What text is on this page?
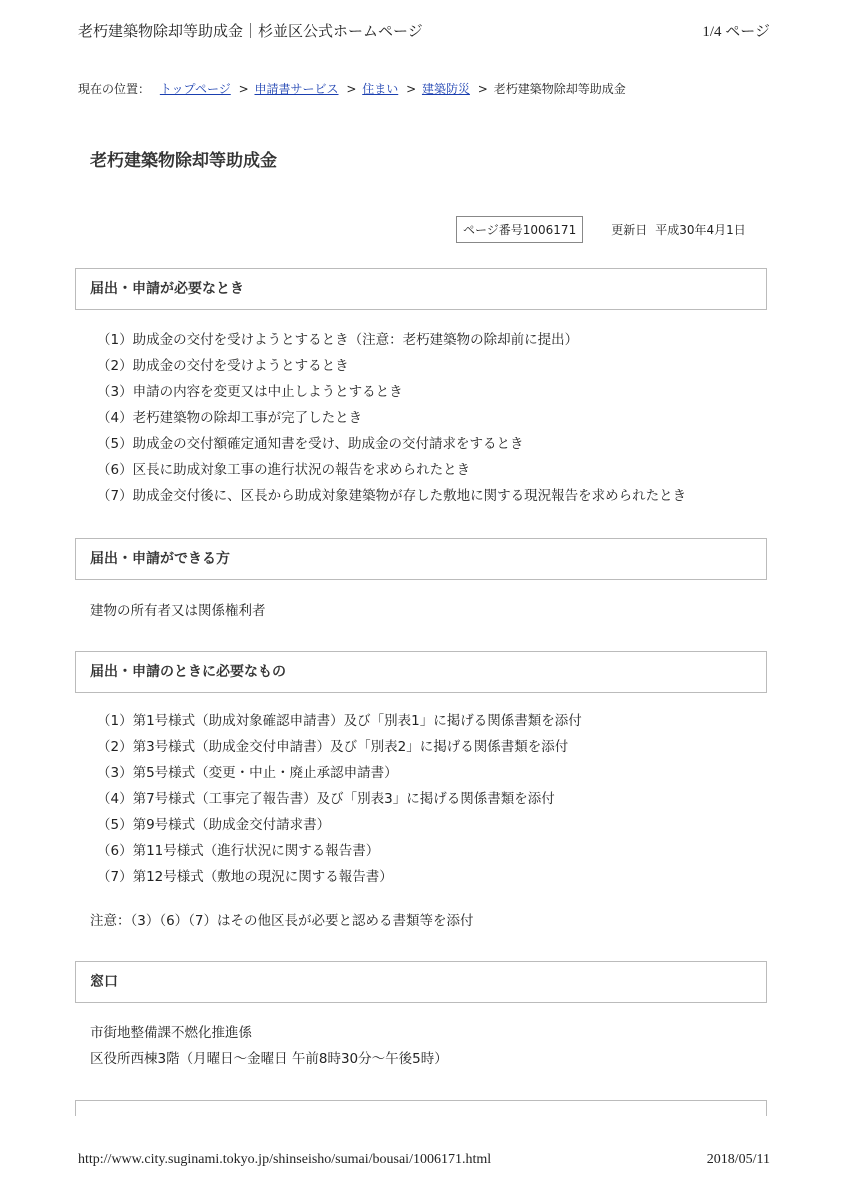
老朽建築物除却等助成金｜杉並区公式ホームページ	1/4 ページ
現在の位置： トップページ > 申請書サービス > 住まい > 建築防災 > 老朽建築物除却等助成金
老朽建築物除却等助成金
ページ番号1006171	更新日 平成30年4月1日
届出・申請が必要なとき
（1）助成金の交付を受けようとするとき（注意：老朽建築物の除却前に提出）
（2）助成金の交付を受けようとするとき
（3）申請の内容を変更又は中止しようとするとき
（4）老朽建築物の除却工事が完了したとき
（5）助成金の交付額確定通知書を受け、助成金の交付請求をするとき
（6）区長に助成対象工事の進行状況の報告を求められたとき
（7）助成金交付後に、区長から助成対象建築物が存した敷地に関する現況報告を求められたとき
届出・申請ができる方

建物の所有者又は関係権利者

届出・申請のときに必要なもの
（1）第1号様式（助成対象確認申請書）及び「別表1」に掲げる関係書類を添付
（2）第3号様式（助成金交付申請書）及び「別表2」に掲げる関係書類を添付
（3）第5号様式（変更・中止・廃止承認申請書）
（4）第7号様式（工事完了報告書）及び「別表3」に掲げる関係書類を添付
（5）第9号様式（助成金交付請求書）
（6）第11号様式（進行状況に関する報告書）
（7）第12号様式（敷地の現況に関する報告書）

注意：（3）（6）（7）はその他区長が必要と認める書類等を添付

窓口

市街地整備課不燃化推進係

区役所西棟3階（月曜日～金曜日 午前8時30分～午後5時）

http://www.city.suginami.tokyo.jp/shinseisho/sumai/bousai/1006171.html	2018/05/11
